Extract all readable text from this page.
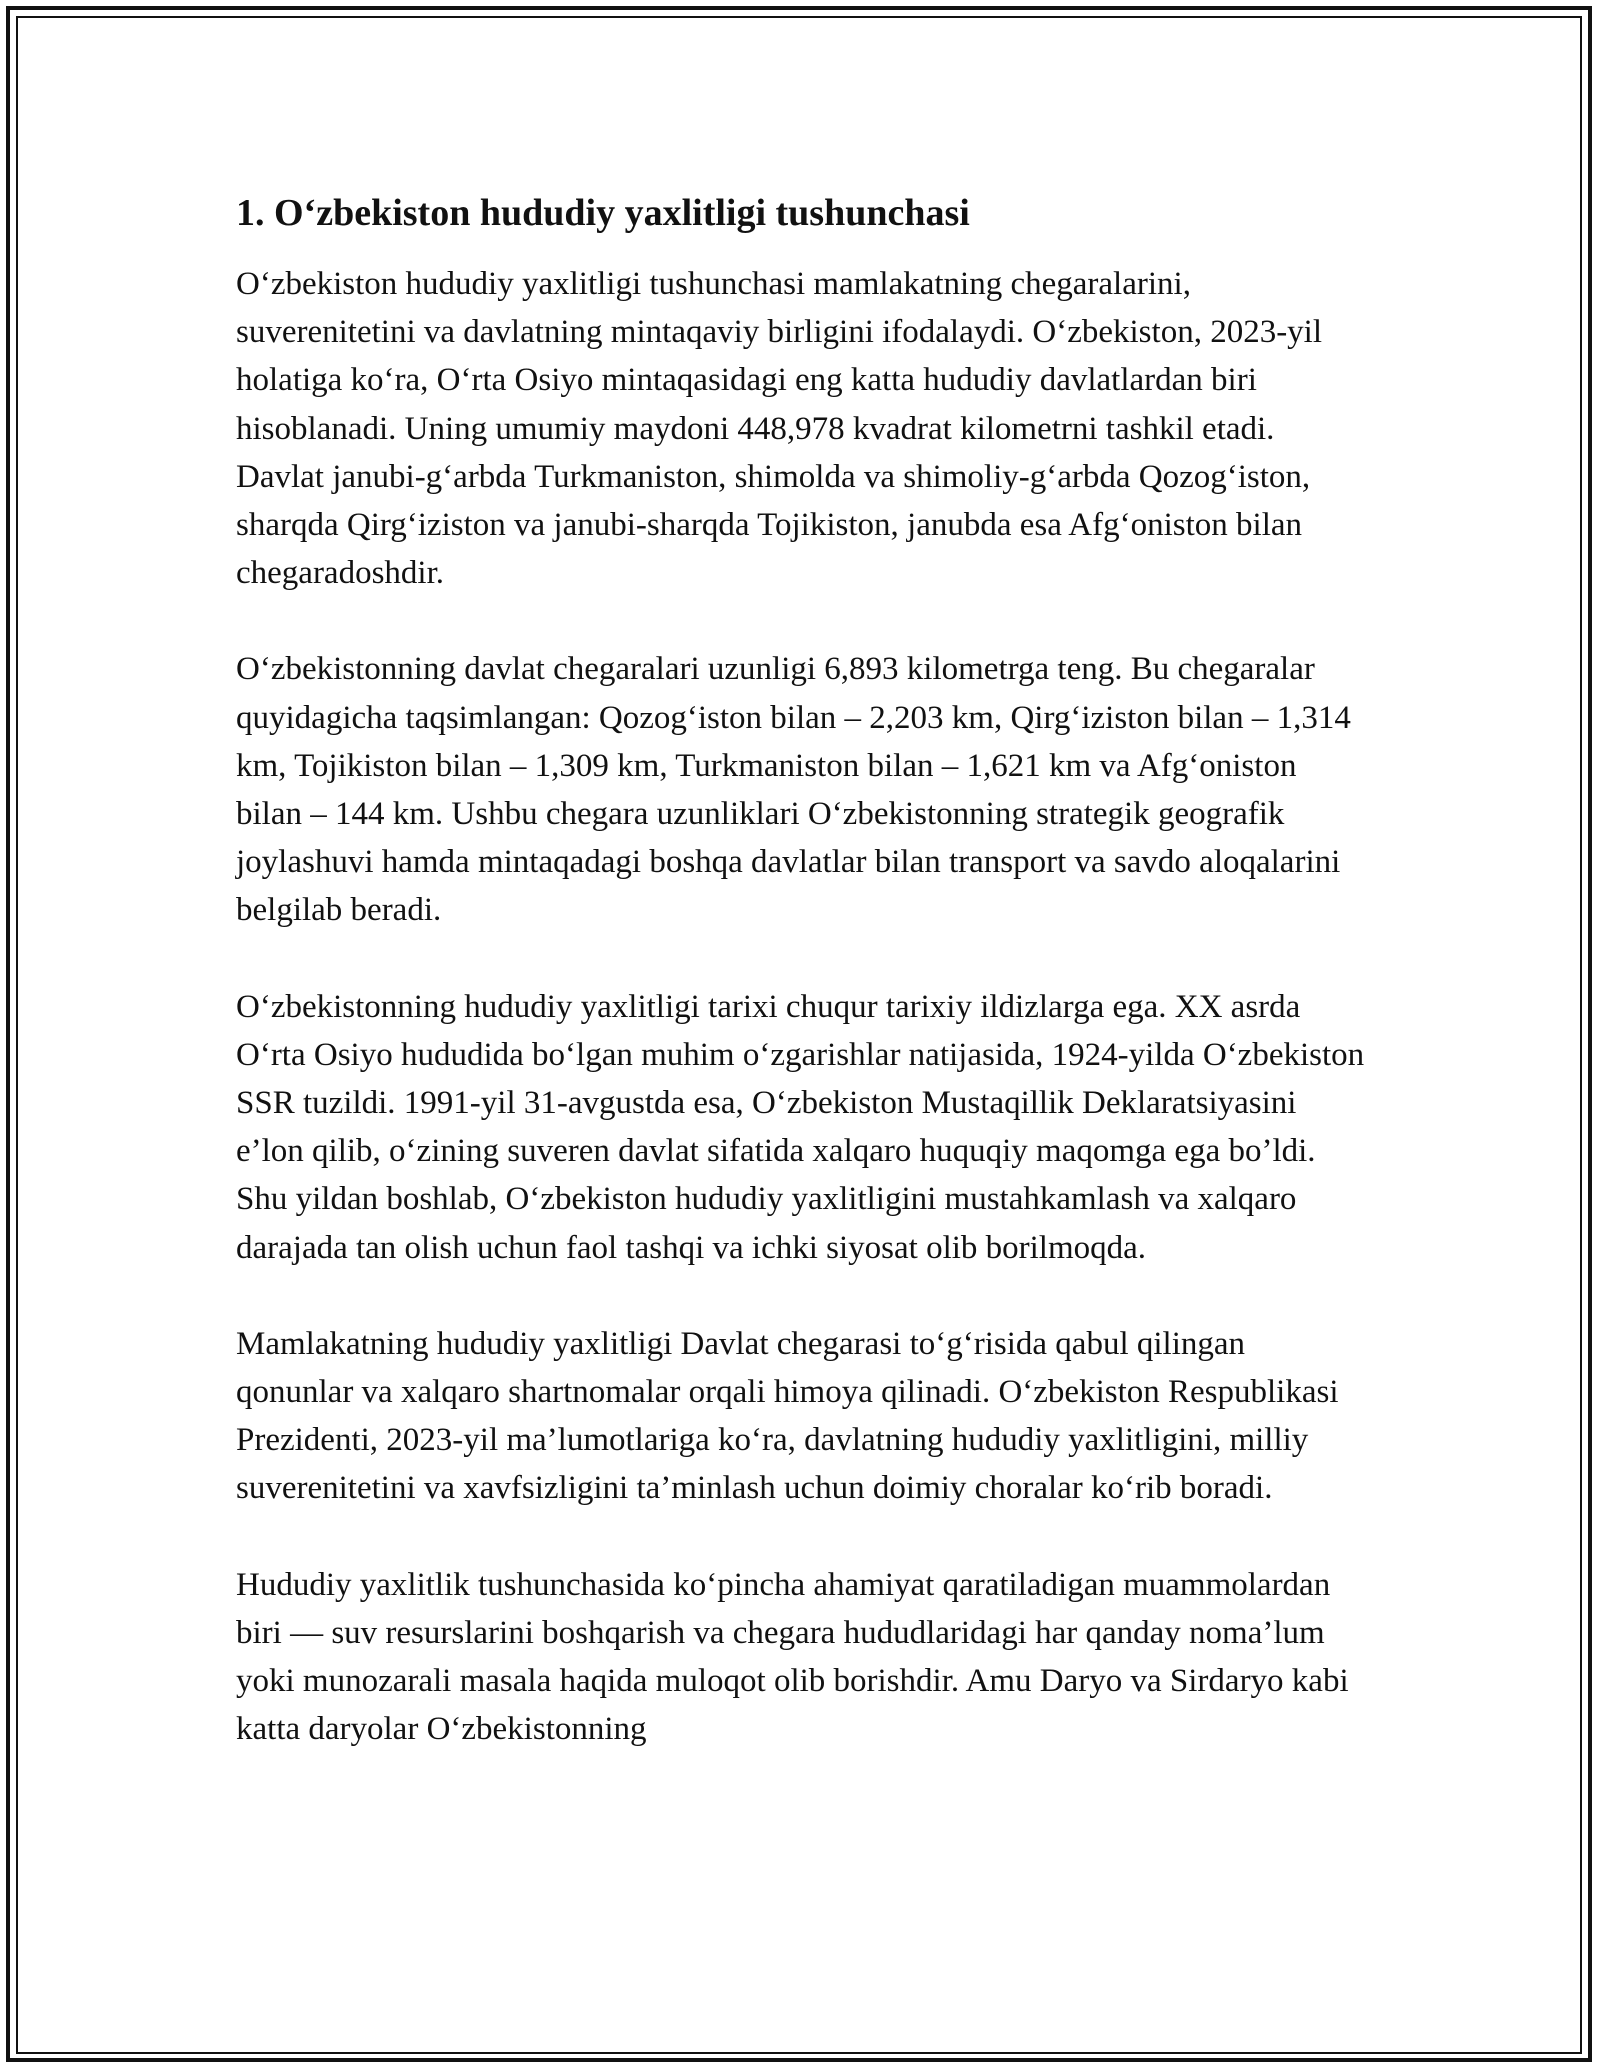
1. O‘zbekiston hududiy yaxlitligi tushunchasi

O‘zbekiston hududiy yaxlitligi tushunchasi mamlakatning chegaralarini, suverenitetini va davlatning mintaqaviy birligini ifodalaydi. O‘zbekiston, 2023-yil holatiga ko‘ra, O‘rta Osiyo mintaqasidagi eng katta hududiy davlatlardan biri hisoblanadi. Uning umumiy maydoni 448,978 kvadrat kilometrni tashkil etadi. Davlat janubi-g‘arbda Turkmaniston, shimolda va shimoliy-g‘arbda Qozog‘iston, sharqda Qirg‘iziston va janubi-sharqda Tojikiston, janubda esa Afg‘oniston bilan chegaradoshdir.

O‘zbekistonning davlat chegaralari uzunligi 6,893 kilometrga teng. Bu chegaralar quyidagicha taqsimlangan: Qozog‘iston bilan – 2,203 km, Qirg‘iziston bilan – 1,314 km, Tojikiston bilan – 1,309 km, Turkmaniston bilan – 1,621 km va Afg‘oniston bilan – 144 km. Ushbu chegara uzunliklari O‘zbekistonning strategik geografik joylashuvi hamda mintaqadagi boshqa davlatlar bilan transport va savdo aloqalarini belgilab beradi.

O‘zbekistonning hududiy yaxlitligi tarixi chuqur tarixiy ildizlarga ega. XX asrda O‘rta Osiyo hududida bo‘lgan muhim o‘zgarishlar natijasida, 1924-yilda O‘zbekiston SSR tuzildi. 1991-yil 31-avgustda esa, O‘zbekiston Mustaqillik Deklaratsiyasini e’lon qilib, o‘zining suveren davlat sifatida xalqaro huquqiy maqomga ega bo’ldi. Shu yildan boshlab, O‘zbekiston hududiy yaxlitligini mustahkamlash va xalqaro darajada tan olish uchun faol tashqi va ichki siyosat olib borilmoqda.

Mamlakatning hududiy yaxlitligi Davlat chegarasi to‘g‘risida qabul qilingan qonunlar va xalqaro shartnomalar orqali himoya qilinadi. O‘zbekiston Respublikasi Prezidenti, 2023-yil ma’lumotlariga ko‘ra, davlatning hududiy yaxlitligini, milliy suverenitetini va xavfsizligini ta’minlash uchun doimiy choralar ko‘rib boradi.

Hududiy yaxlitlik tushunchasida ko‘pincha ahamiyat qaratiladigan muammolardan biri — suv resurslarini boshqarish va chegara hududlaridagi har qanday noma’lum yoki munozarali masala haqida muloqot olib borishdir. Amu Daryo va Sirdaryo kabi katta daryolar O‘zbekistonning
